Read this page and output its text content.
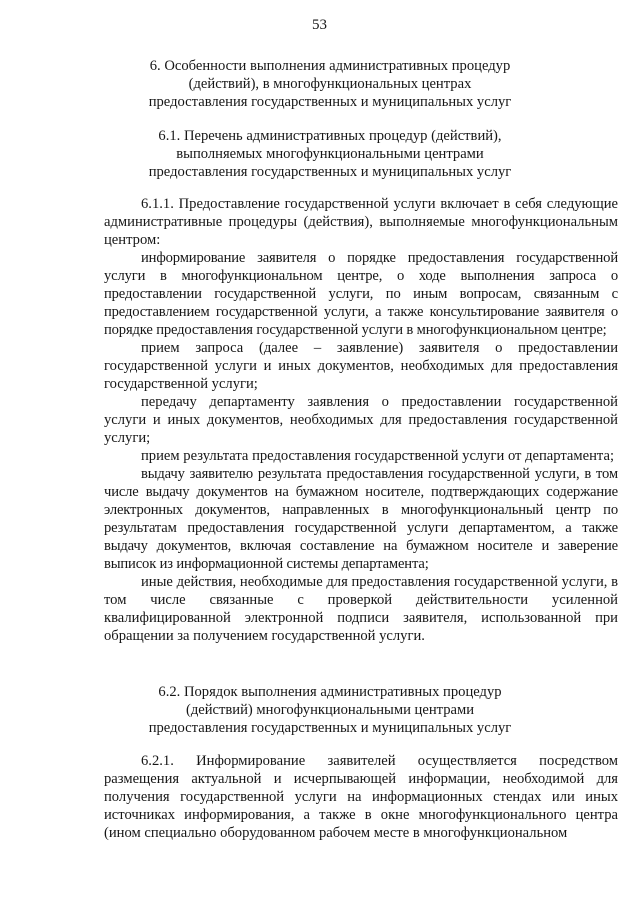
53
6. Особенности выполнения административных процедур
(действий), в многофункциональных центрах
предоставления государственных и муниципальных услуг
6.1. Перечень административных процедур (действий),
выполняемых многофункциональными центрами
предоставления государственных и муниципальных услуг

6.1.1. Предоставление государственной услуги включает в себя следующие административные процедуры (действия), выполняемые многофункциональным центром:

информирование заявителя о порядке предоставления государственной услуги в многофункциональном центре, о ходе выполнения запроса о предоставлении государственной услуги, по иным вопросам, связанным с предоставлением государственной услуги, а также консультирование заявителя о порядке предоставления государственной услуги в многофункциональном центре;

прием запроса (далее – заявление) заявителя о предоставлении государственной услуги и иных документов, необходимых для предоставления государственной услуги;

передачу департаменту заявления о предоставлении государственной услуги и иных документов, необходимых для предоставления государственной услуги;

прием результата предоставления государственной услуги от департамента;

выдачу заявителю результата предоставления государственной услуги, в том числе выдачу документов на бумажном носителе, подтверждающих содержание электронных документов, направленных в многофункциональный центр по результатам предоставления государственной услуги департаментом, а также выдачу документов, включая составление на бумажном носителе и заверение выписок из информационной системы департамента;

иные действия, необходимые для предоставления государственной услуги, в том числе связанные с проверкой действительности усиленной квалифицированной электронной подписи заявителя, использованной при обращении за получением государственной услуги.

6.2. Порядок выполнения административных процедур
(действий) многофункциональными центрами
предоставления государственных и муниципальных услуг

6.2.1. Информирование заявителей осуществляется посредством размещения актуальной и исчерпывающей информации, необходимой для получения государственной услуги на информационных стендах или иных источниках информирования, а также в окне многофункционального центра (ином специально оборудованном рабочем месте в многофункциональном
